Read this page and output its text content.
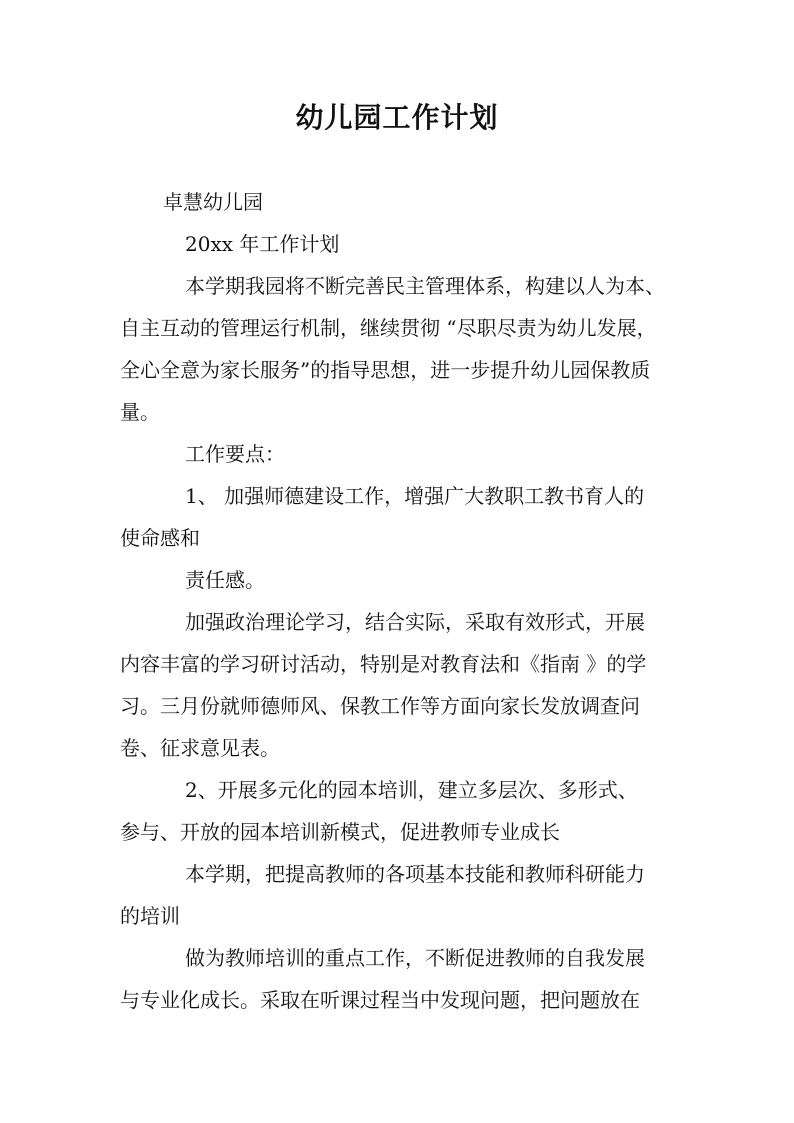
幼儿园工作计划

卓慧幼儿园

20xx 年工作计划

本学期我园将不断完善民主管理体系，构建以人为本、

自主互动的管理运行机制，继续贯彻 “尽职尽责为幼儿发展，

全心全意为家长服务”的指导思想，进一步提升幼儿园保教质

量。

工作要点：

1、 加强师德建设工作，增强广大教职工教书育人的

使命感和

责任感。

加强政治理论学习，结合实际，采取有效形式，开展

内容丰富的学习研讨活动，特别是对教育法和《指南 》的学

习。三月份就师德师风、保教工作等方面向家长发放调查问

卷、征求意见表。

2、开展多元化的园本培训，建立多层次、多形式、

参与、开放的园本培训新模式，促进教师专业成长

本学期，把提高教师的各项基本技能和教师科研能力

的培训

做为教师培训的重点工作，不断促进教师的自我发展

与专业化成长。采取在听课过程当中发现问题，把问题放在
